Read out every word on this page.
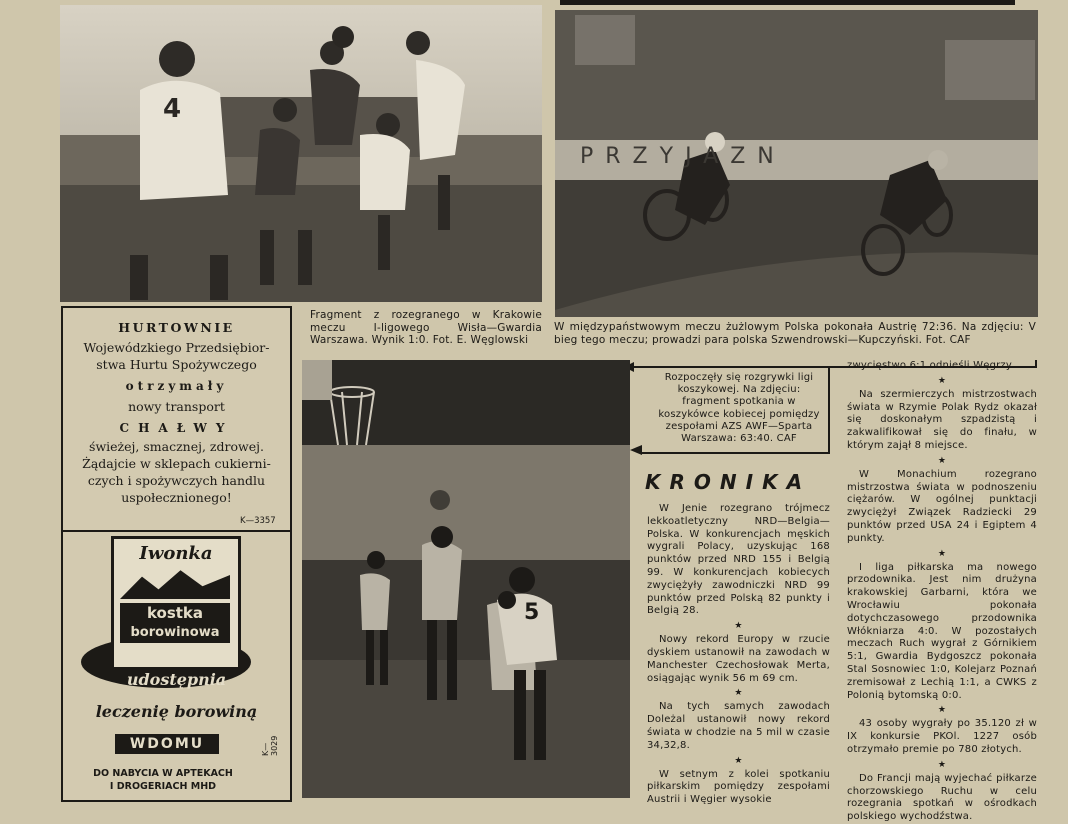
4
PRZYJAZN
Fragment z rozegranego w Krakowie meczu I-ligowego Wisła—Gwardia Warszawa. Wynik 1:0. Fot. E. Węglowski
W międzypaństwowym meczu żużlowym Polska pokonała Austrię 72:36. Na zdjęciu: V bieg tego meczu; prowadzi para polska Szwendrowski—Kupczyński. Fot. CAF
HURTOWNIE
Wojewódzkiego Przedsiębior-
stwa Hurtu Spożywczego
otrzymały
nowy transport
CHAŁWY
świeżej, smacznej, zdrowej.
Żądajcie w sklepach cukierni-
czych i spożywczych handlu
uspołecznionego!
K—3357
Iwonka
kostka
borowinowa
udostępnia
leczenię borowiną
WDOMU
DO NABYCIA W APTEKACH
I DROGERIACH MHD
K—3029
5
Rozpoczęły się rozgrywki ligi koszykowej. Na zdjęciu: fragment spotkania w koszykówce kobiecej pomiędzy zespołami AZS AWF—Sparta Warszawa: 63:40. CAF
KRONIKA

W Jenie rozegrano trójmecz lekkoatletyczny NRD—Belgia—Polska. W konkurencjach męskich wygrali Polacy, uzyskując 168 punktów przed NRD 155 i Belgią 99. W konkurencjach kobiecych zwyciężyły zawodniczki NRD 99 punktów przed Polską 82 punkty i Belgią 28.

★

Nowy rekord Europy w rzucie dyskiem ustanowił na zawodach w Manchester Czechosłowak Merta, osiągając wynik 56 m 69 cm.

★

Na tych samych zawodach Doleżal ustanowił nowy rekord świata w chodzie na 5 mil w czasie 34,32,8.

★

W setnym z kolei spotkaniu piłkarskim pomiędzy zespołami Austrii i Węgier wysokie

zwycięstwo 6:1 odnieśli Węgrzy.

★

Na szermierczych mistrzostwach świata w Rzymie Polak Rydz okazał się doskonałym szpadzistą i zakwalifikował się do finału, w którym zajął 8 miejsce.

★

W Monachium rozegrano mistrzostwa świata w podnoszeniu ciężarów. W ogólnej punktacji zwyciężył Związek Radziecki 29 punktów przed USA 24 i Egiptem 4 punkty.

★

I liga piłkarska ma nowego przodownika. Jest nim drużyna krakowskiej Garbarni, która we Wrocławiu pokonała dotychczasowego przodownika Włókniarza 4:0. W pozostałych meczach Ruch wygrał z Górnikiem 5:1, Gwardia Bydgoszcz pokonała Stal Sosnowiec 1:0, Kolejarz Poznań zremisował z Lechią 1:1, a CWKS z Polonią bytomską 0:0.

★

43 osoby wygrały po 35.120 zł w IX konkursie PKOl. 1227 osób otrzymało premie po 780 złotych.

★

Do Francji mają wyjechać piłkarze chorzowskiego Ruchu w celu rozegrania spotkań w ośrodkach polskiego wychodźstwa.
